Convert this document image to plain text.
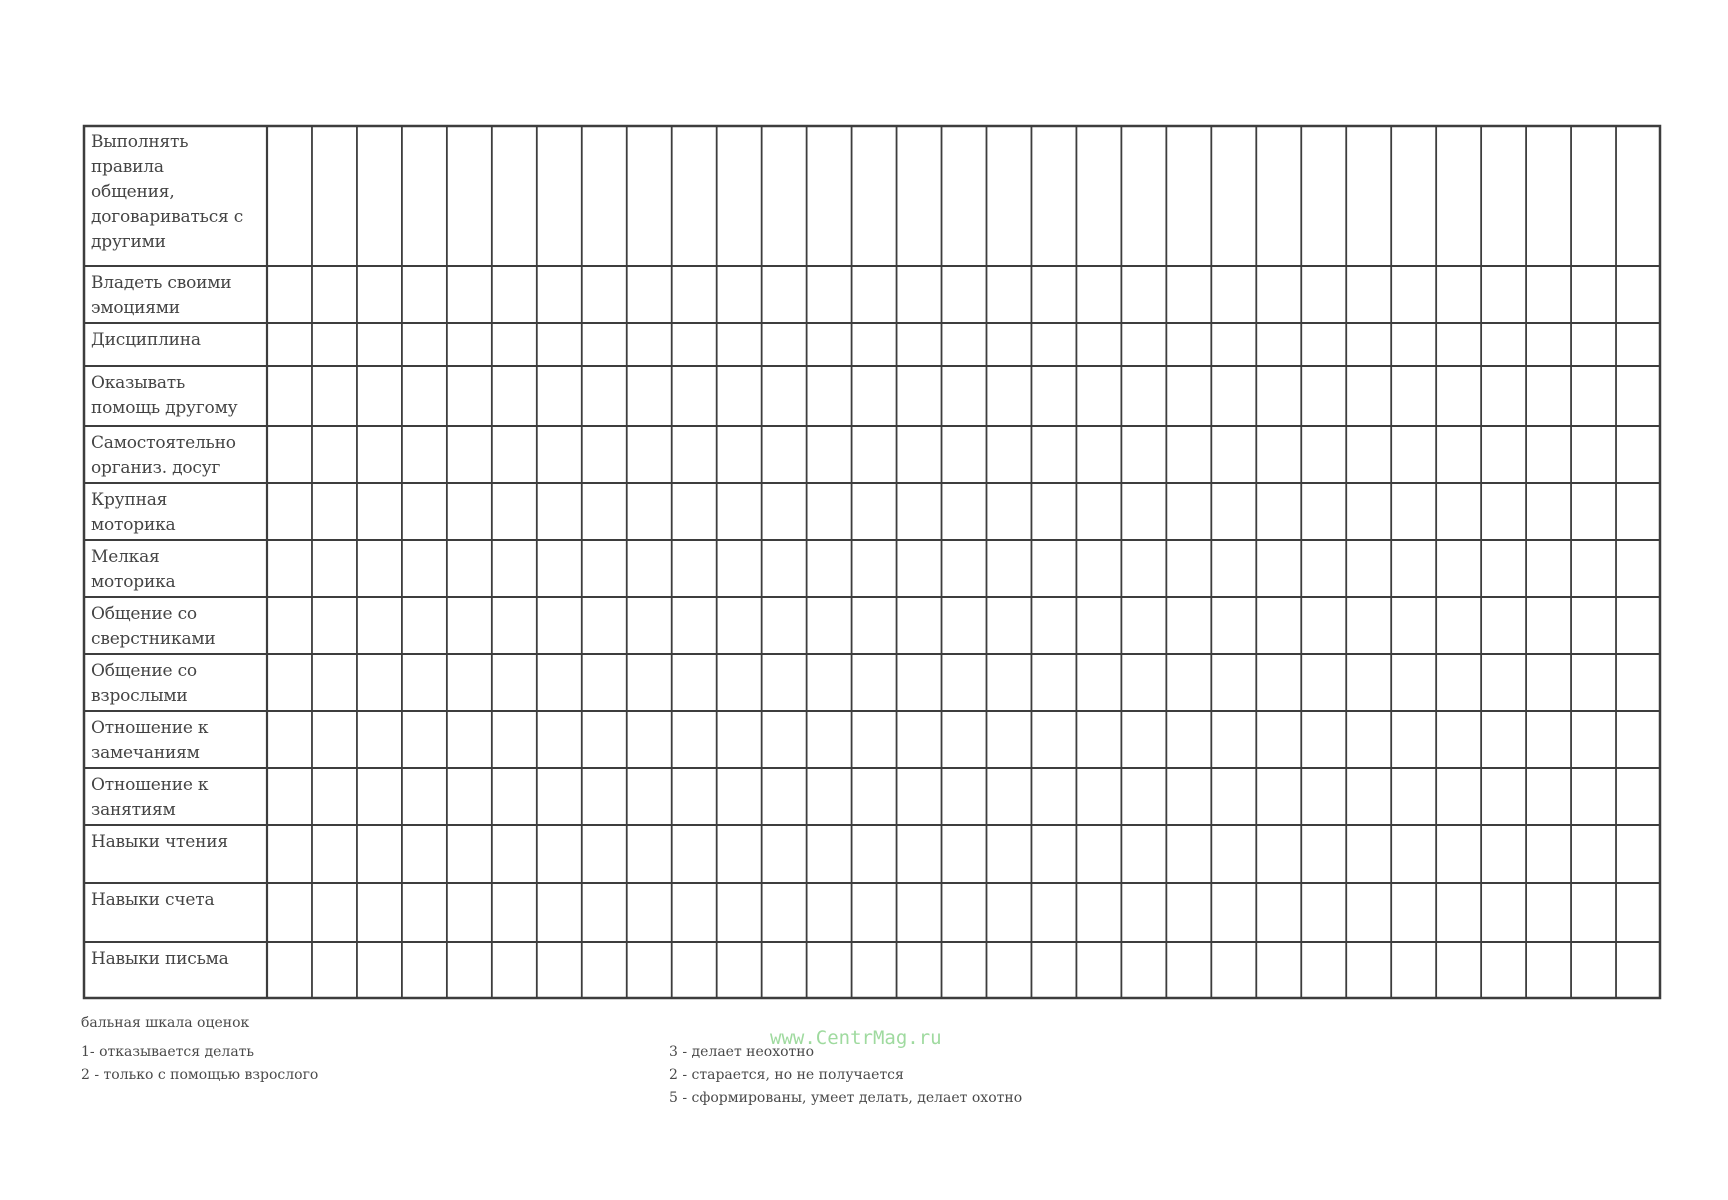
Выполнять
правила
общения,
договариваться с
другими
Владеть своими
эмоциями
Дисциплина
Оказывать
помощь другому
Самостоятельно
организ. досуг
Крупная
моторика
Мелкая
моторика
Общение со
сверстниками
Общение со
взрослыми
Отношение к
замечаниям
Отношение к
занятиям
Навыки чтения
Навыки счета
Навыки письма
бальная шкала оценок
1- отказывается делать
2 - только с помощью взрослого
3 - делает неохотно
2 - старается, но не получается
5 - сформированы, умеет делать, делает охотно
www.CentrMag.ru
